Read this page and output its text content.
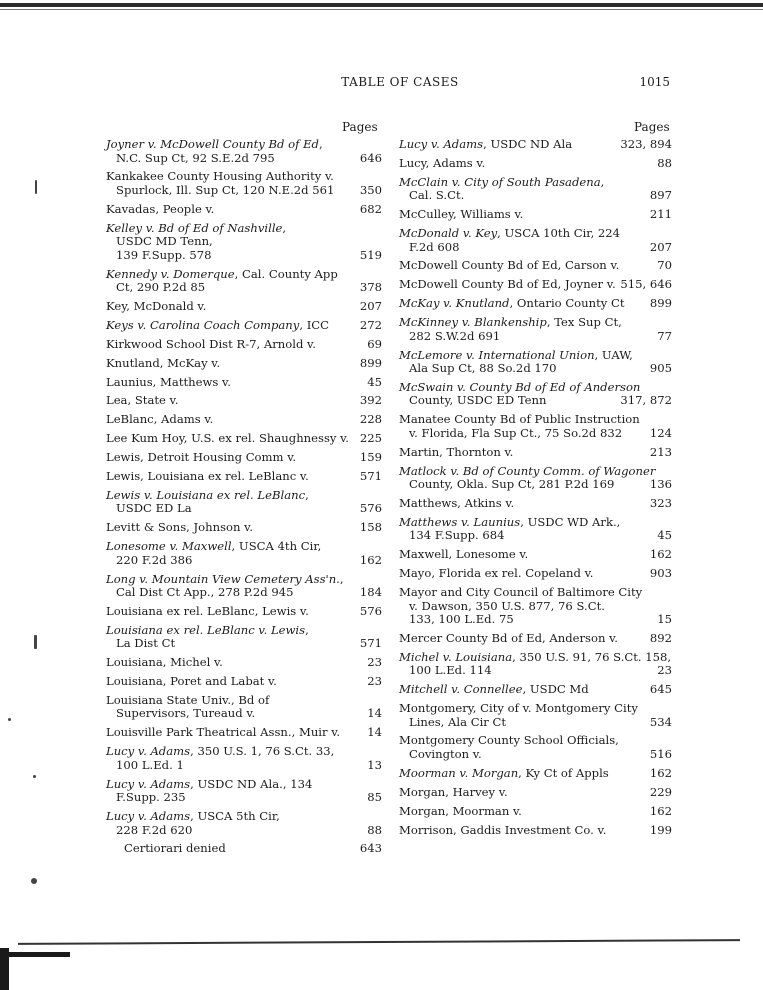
TABLE OF CASES	1015
Pages	Pages
Joyner v. McDowell County Bd of Ed,
N.C. Sup Ct, 92 S.E.2d 795	646
Kankakee County Housing Authority v.
Spurlock, Ill. Sup Ct, 120 N.E.2d 561	350
Kavadas, People v.	682
Kelley v. Bd of Ed of Nashville,
USDC MD Tenn,
139 F.Supp. 578	519
Kennedy v. Domerque, Cal. County App
Ct, 290 P.2d 85	378
Key, McDonald v.	207
Keys v. Carolina Coach Company, ICC	272
Kirkwood School Dist R-7, Arnold v.	69
Knutland, McKay v.	899
Launius, Matthews v.	45
Lea, State v.	392
LeBlanc, Adams v.	228
Lee Kum Hoy, U.S. ex rel. Shaughnessy v. 225
Lewis, Detroit Housing Comm v.	159
Lewis, Louisiana ex rel. LeBlanc v.	571
Lewis v. Louisiana ex rel. LeBlanc,
USDC ED La	576
Levitt & Sons, Johnson v.	158
Lonesome v. Maxwell, USCA 4th Cir,
220 F.2d 386	162
Long v. Mountain View Cemetery Ass'n.,
Cal Dist Ct App., 278 P.2d 945	184
Louisiana ex rel. LeBlanc, Lewis v.	576
Louisiana ex rel. LeBlanc v. Lewis,
La Dist Ct	571
Louisiana, Michel v.	23
Louisiana, Poret and Labat v.	23
Louisiana State Univ., Bd of
Supervisors, Tureaud v.	14
Louisville Park Theatrical Assn., Muir v.	14
Lucy v. Adams, 350 U.S. 1, 76 S.Ct. 33,
100 L.Ed. 1	13
Lucy v. Adams, USDC ND Ala., 134
F.Supp. 235	85
Lucy v. Adams, USCA 5th Cir,
228 F.2d 620	88
Certiorari denied	643
Lucy v. Adams, USDC ND Ala	323, 894
Lucy, Adams v.	88
McClain v. City of South Pasadena,
Cal. S.Ct.	897
McCulley, Williams v.	211
McDonald v. Key, USCA 10th Cir, 224
F.2d 608	207
McDowell County Bd of Ed, Carson v.	70
McDowell County Bd of Ed, Joyner v. 515, 646
McKay v. Knutland, Ontario County Ct	899
McKinney v. Blankenship, Tex Sup Ct,
282 S.W.2d 691	77
McLemore v. International Union, UAW,
Ala Sup Ct, 88 So.2d 170	905
McSwain v. County Bd of Ed of Anderson
County, USDC ED Tenn	317, 872
Manatee County Bd of Public Instruction
v. Florida, Fla Sup Ct., 75 So.2d 832	124
Martin, Thornton v.	213
Matlock v. Bd of County Comm. of Wagoner
County, Okla. Sup Ct, 281 P.2d 169	136
Matthews, Atkins v.	323
Matthews v. Launius, USDC WD Ark.,
134 F.Supp. 684	45
Maxwell, Lonesome v.	162
Mayo, Florida ex rel. Copeland v.	903
Mayor and City Council of Baltimore City
v. Dawson, 350 U.S. 877, 76 S.Ct.
133, 100 L.Ed. 75	15
Mercer County Bd of Ed, Anderson v.	892
Michel v. Louisiana, 350 U.S. 91, 76 S.Ct. 158,
100 L.Ed. 114	23
Mitchell v. Connellee, USDC Md	645
Montgomery, City of v. Montgomery City
Lines, Ala Cir Ct	534
Montgomery County School Officials,
Covington v.	516
Moorman v. Morgan, Ky Ct of Appls	162
Morgan, Harvey v.	229
Morgan, Moorman v.	162
Morrison, Gaddis Investment Co. v.	199
